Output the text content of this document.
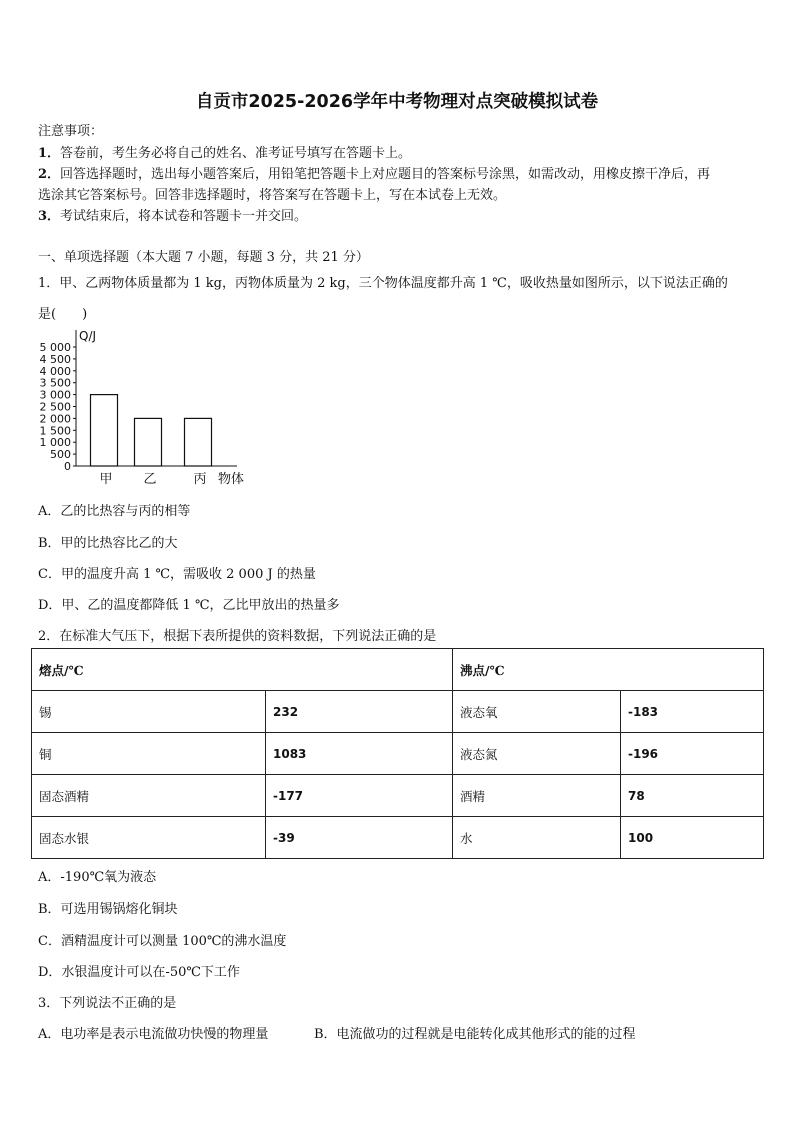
自贡市2025-2026学年中考物理对点突破模拟试卷
注意事项：
1．答卷前，考生务必将自己的姓名、准考证号填写在答题卡上。
2．回答选择题时，选出每小题答案后，用铅笔把答题卡上对应题目的答案标号涂黑，如需改动，用橡皮擦干净后，再
选涂其它答案标号。回答非选择题时，将答案写在答题卡上，写在本试卷上无效。
3．考试结束后，将本试卷和答题卡一并交回。
一、单项选择题（本大题 7 小题，每题 3 分，共 21 分）
1．甲、乙两物体质量都为 1 kg，丙物体质量为 2 kg，三个物体温度都升高 1 ℃，吸收热量如图所示，以下说法正确的
是(　　)
0
500
1 000
1 500
2 000
2 500
3 000
3 500
4 000
4 500
5 000
Q/J
甲 乙	丙 物体
A．乙的比热容与丙的相等
B．甲的比热容比乙的大
C．甲的温度升高 1 ℃，需吸收 2 000 J 的热量
D．甲、乙的温度都降低 1 ℃，乙比甲放出的热量多
2．在标准大气压下，根据下表所提供的资料数据，下列说法正确的是
熔点/℃		沸点/℃	
锡	232	液态氧	-183
铜	1083	液态氮	-196
固态酒精	-177	酒精	78
固态水银	-39	水	100
A．-190℃氧为液态
B．可选用锡锅熔化铜块
C．酒精温度计可以测量 100℃的沸水温度
D．水银温度计可以在-50℃下工作
3．下列说法不正确的是
A．电功率是表示电流做功快慢的物理量	B．电流做功的过程就是电能转化成其他形式的能的过程
